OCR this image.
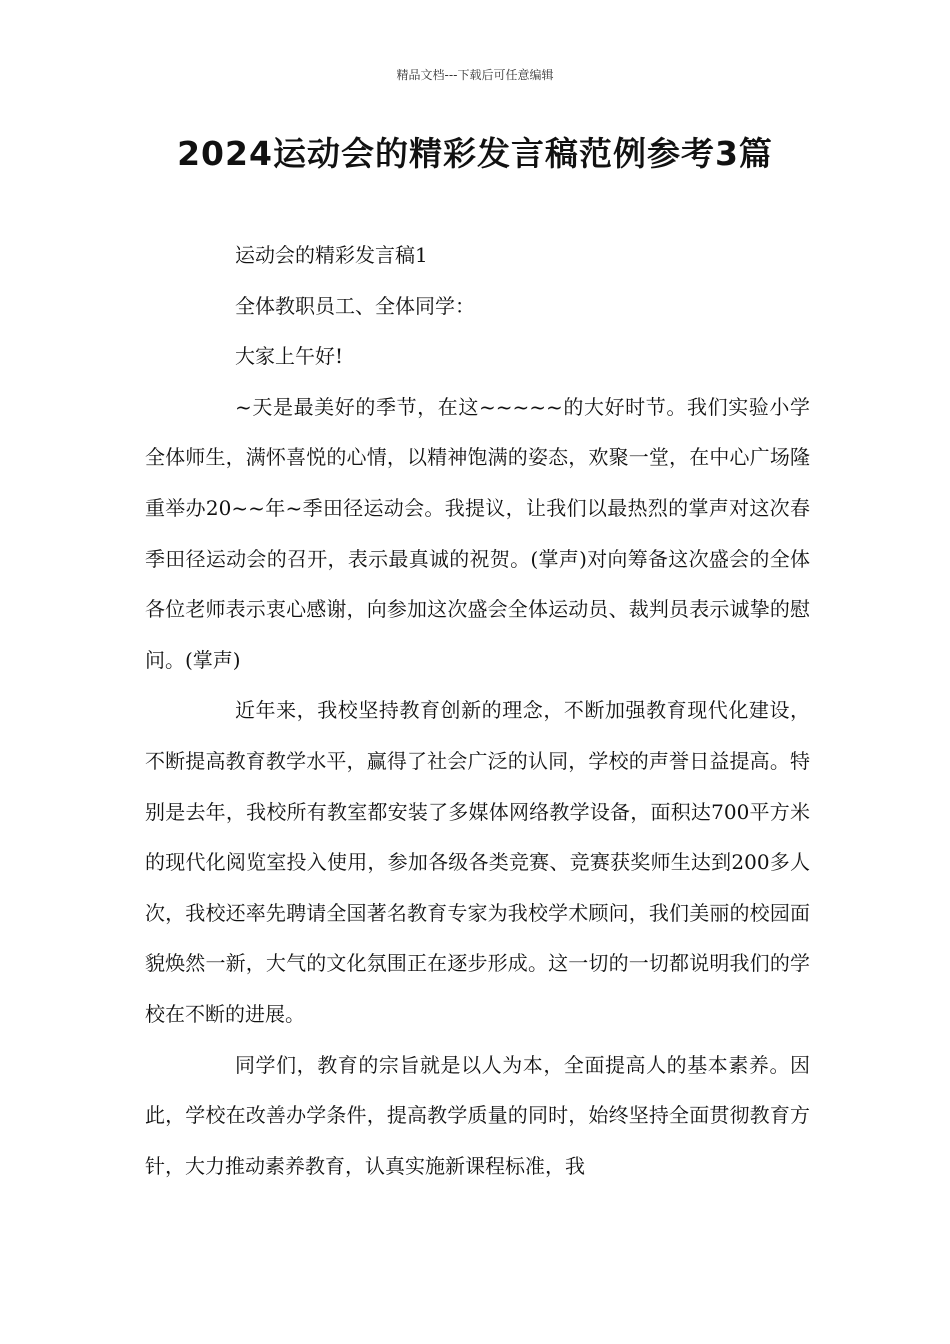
精品文档---下载后可任意编辑
2024运动会的精彩发言稿范例参考3篇

运动会的精彩发言稿1

全体教职员工、全体同学：

大家上午好!

~天是最美好的季节，在这~~~~~的大好时节。我们实验小学全体师生，满怀喜悦的心情，以精神饱满的姿态，欢聚一堂，在中心广场隆重举办20~~年~季田径运动会。我提议，让我们以最热烈的掌声对这次春季田径运动会的召开，表示最真诚的祝贺。(掌声)对向筹备这次盛会的全体各位老师表示衷心感谢，向参加这次盛会全体运动员、裁判员表示诚挚的慰问。(掌声)

近年来，我校坚持教育创新的理念，不断加强教育现代化建设，不断提高教育教学水平，赢得了社会广泛的认同，学校的声誉日益提高。特别是去年，我校所有教室都安装了多媒体网络教学设备，面积达700平方米的现代化阅览室投入使用，参加各级各类竞赛、竞赛获奖师生达到200多人次，我校还率先聘请全国著名教育专家为我校学术顾问，我们美丽的校园面貌焕然一新，大气的文化氛围正在逐步形成。这一切的一切都说明我们的学校在不断的进展。

同学们，教育的宗旨就是以人为本，全面提高人的基本素养。因此，学校在改善办学条件，提高教学质量的同时，始终坚持全面贯彻教育方针，大力推动素养教育，认真实施新课程标准，我
